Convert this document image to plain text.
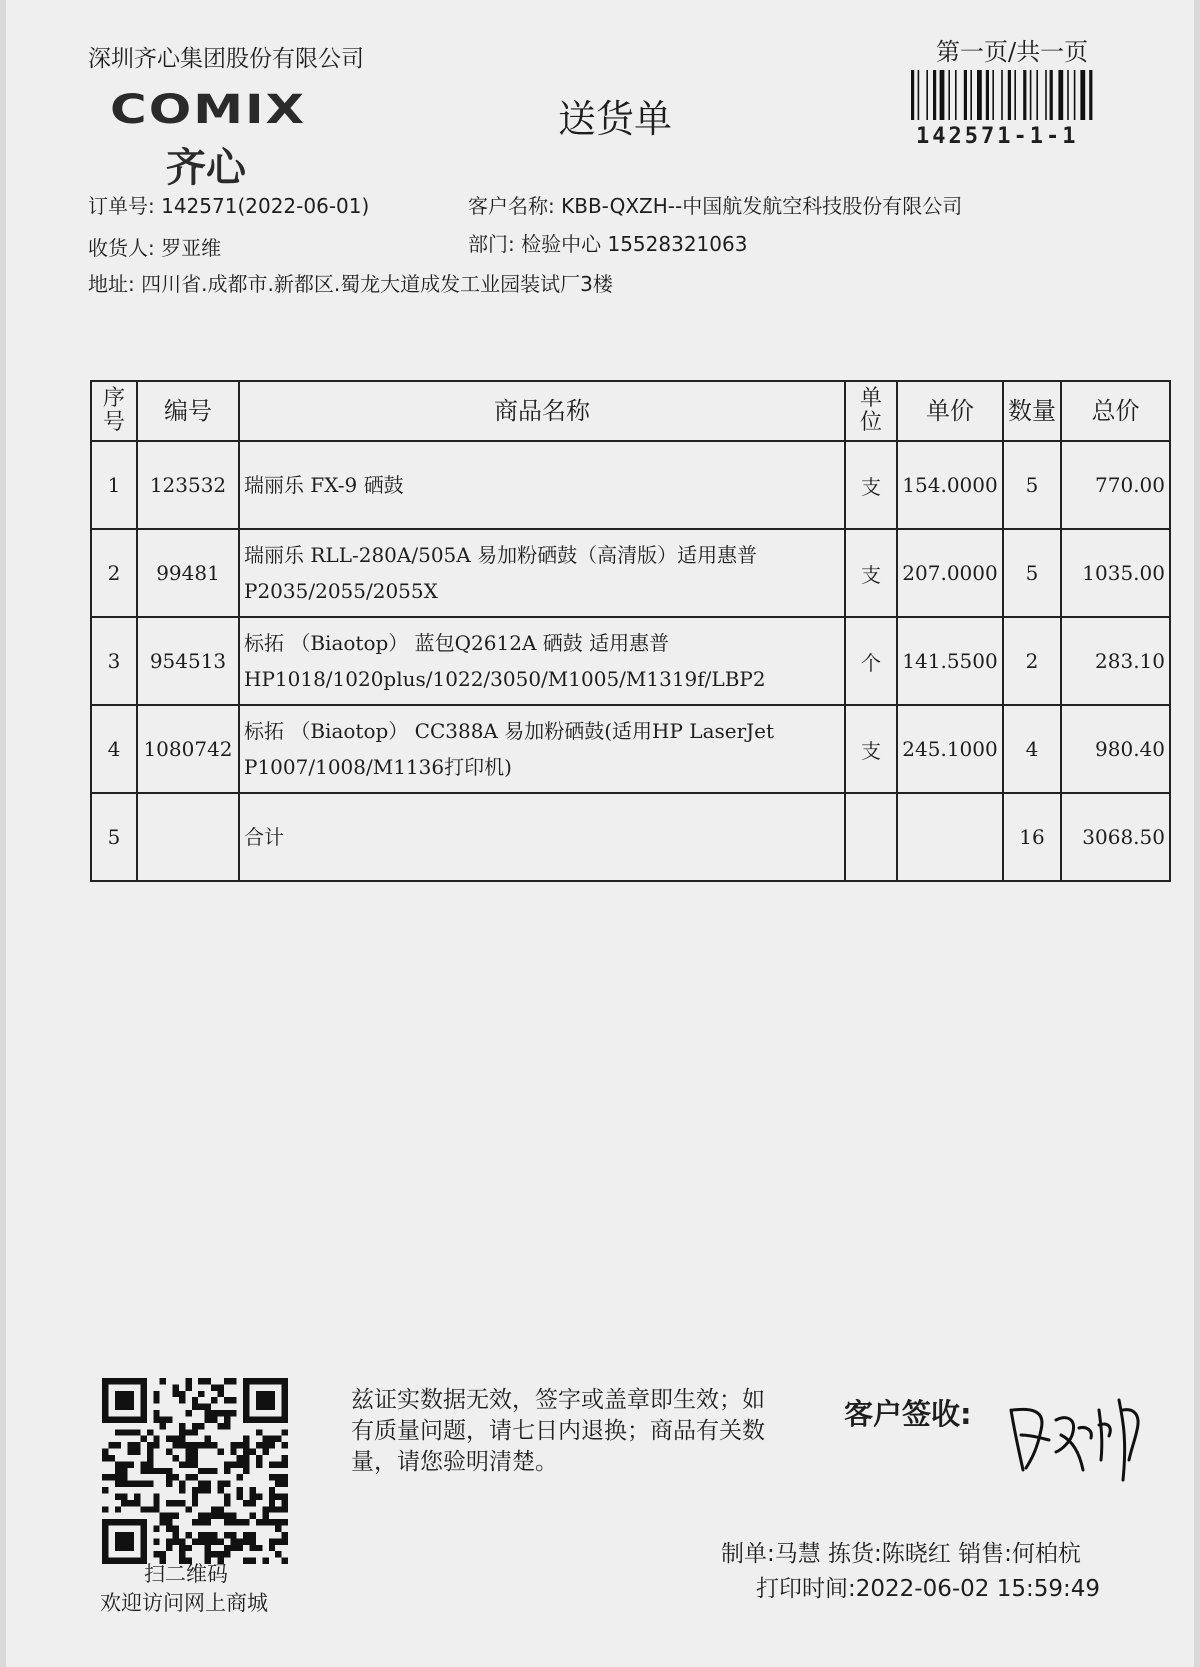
深圳齐心集团股份有限公司
COMIX
齐心
送货单
第一页/共一页
142571-1-1
订单号: 142571(2022-06-01)	客户名称: KBB-QXZH--中国航发航空科技股份有限公司
收货人: 罗亚维	部门: 检验中心 15528321063
地址: 四川省.成都市.新都区.蜀龙大道成发工业园装试厂3楼
序号	编号	商品名称	单位	单价	数量	总价
1	123532	瑞丽乐 FX-9 硒鼓	支	154.0000	5	770.00
2	99481	瑞丽乐 RLL-280A/505A 易加粉硒鼓（高清版）适用惠普 P2035/2055/2055X	支	207.0000	5	1035.00
3	954513	标拓 （Biaotop） 蓝包Q2612A 硒鼓 适用惠普 HP1018/1020plus/1022/3050/M1005/M1319f/LBP2	个	141.5500	2	283.10
4	1080742	标拓 （Biaotop） CC388A 易加粉硒鼓(适用HP LaserJet P1007/1008/M1136打印机)	支	245.1000	4	980.40
5		合计			16	3068.50
扫二维码
欢迎访问网上商城
兹证实数据无效，签字或盖章即生效；如有质量问题，请七日内退换；商品有关数量，请您验明清楚。
客户签收:
制单:马慧 拣货:陈晓红 销售:何柏杭
打印时间:2022-06-02 15:59:49
